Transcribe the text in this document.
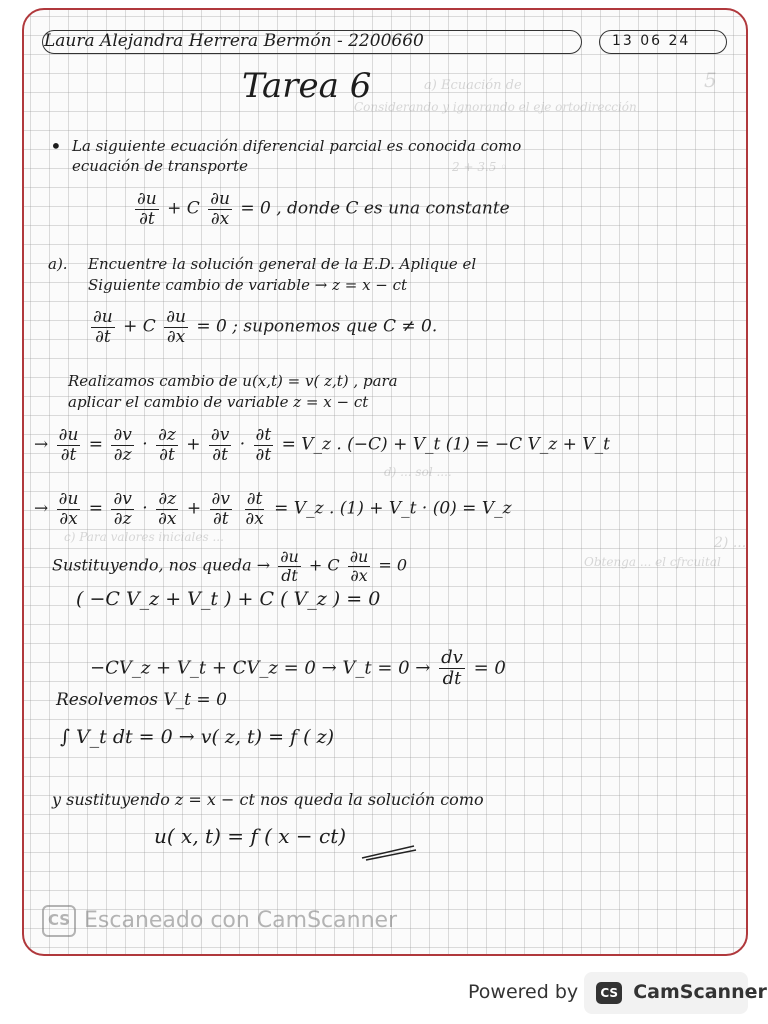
Laura Alejandra Herrera Bermón - 2200660	13 06 24
Tarea 6	5
a) Ecuación de
Considerando y ignorando el eje ortodirección
2 + 3.5 ◦
d) ... sol ....
2) ...
c) Para valores iniciales ...
Obtenga ... el cfrcuital
• La siguiente ecuación diferencial parcial es conocida como
ecuación de transporte
$\frac{\partial u}{\partial t} + C \frac{\partial u}{\partial x} = 0$ , donde C es una constante
a). Encuentre la solución general de la E.D. Aplique el
Siguiente cambio de variable → z = x − ct
$\frac{\partial u}{\partial t} + C \frac{\partial u}{\partial x} = 0$ ; suponemos que C ≠ 0.
Realizamos cambio de u(x,t) = v( z,t) , para
aplicar el cambio de variable z = x − ct
→ $\frac{\partial u}{\partial t} = \frac{\partial v}{\partial z} \cdot \frac{\partial z}{\partial t} + \frac{\partial v}{\partial t} \cdot \frac{\partial t}{\partial t}$ = V_z . (−C) + V_t (1) = −C V_z + V_t
→ $\frac{\partial u}{\partial x} = \frac{\partial v}{\partial z} \cdot \frac{\partial z}{\partial x} + \frac{\partial v}{\partial t}$
$\frac{\partial t}{\partial x}$ = V_z . (1) + V_t · (0) = V_z
Sustituyendo, nos queda → $\frac{\partial u}{dt} + C \frac{\partial u}{\partial x} = 0$
( −C V_z + V_t ) + C ( V_z ) = 0
−CV_z + V_t + CV_z = 0 → V_t = $0 \to \frac{dv}{dt} = 0$
Resolvemos V_t = 0
∫ V_t dt = 0 → v( z, t) = f ( z)
y sustituyendo z = x − ct nos queda la solución como
u( x, t) = f ( x − ct)
CS Escaneado con CamScanner
Powered by CS CamScanner
